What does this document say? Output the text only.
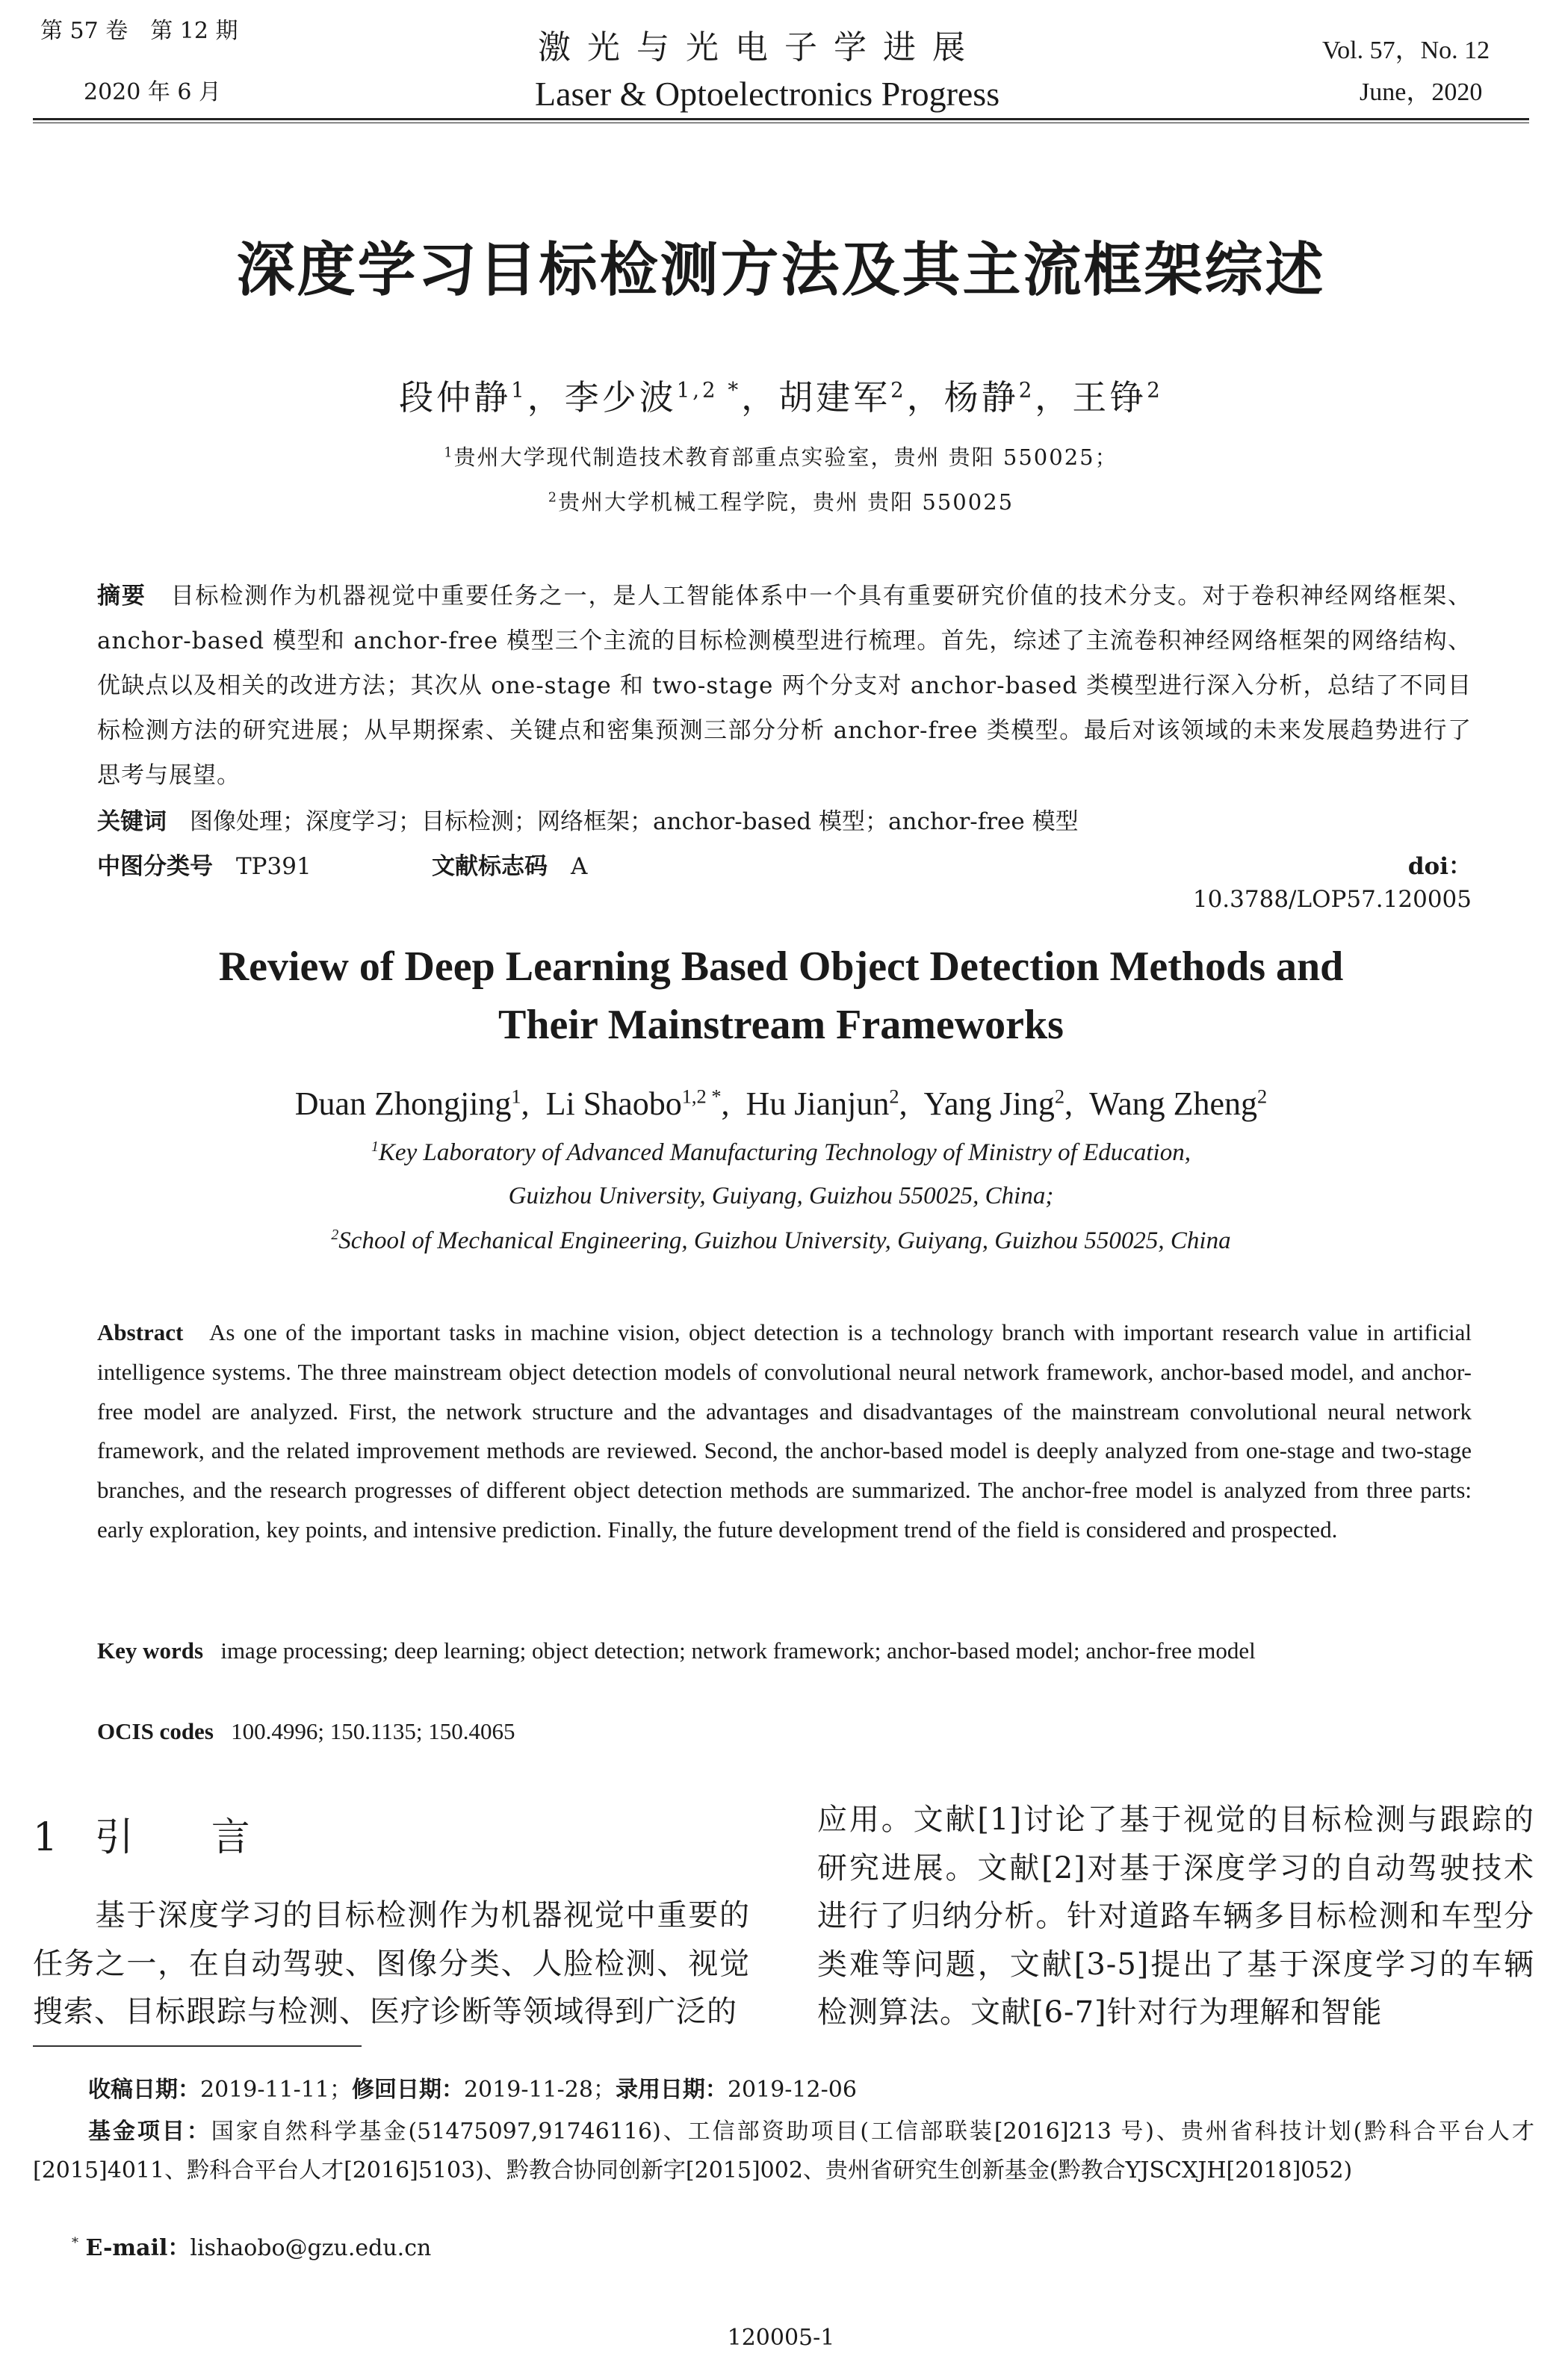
第 57 卷　第 12 期
2020 年 6 月
激光与光电子学进展
Laser & Optoelectronics Progress
Vol. 57，No. 12
June，2020
深度学习目标检测方法及其主流框架综述
段仲静$^1$，李少波$^{1,2 *}$，胡建军$^2$，杨静$^2$，王铮$^2$
$^1$贵州大学现代制造技术教育部重点实验室，贵州 贵阳 550025；
$^2$贵州大学机械工程学院，贵州 贵阳 550025
摘要　 目标检测作为机器视觉中重要任务之一，是人工智能体系中一个具有重要研究价值的技术分支。对于卷积神经网络框架、anchor-based 模型和 anchor-free 模型三个主流的目标检测模型进行梳理。首先，综述了主流卷积神经网络框架的网络结构、优缺点以及相关的改进方法；其次从 one-stage 和 two-stage 两个分支对 anchor-based 类模型进行深入分析，总结了不同目标检测方法的研究进展；从早期探索、关键点和密集预测三部分分析 anchor-free 类模型。最后对该领域的未来发展趋势进行了思考与展望。
关键词　 图像处理；深度学习；目标检测；网络框架；anchor-based 模型；anchor-free 模型
中图分类号　 TP391	文献标志码　 A	doi：10.3788/LOP57.120005
Review of Deep Learning Based Object Detection Methods and
Their Mainstream Frameworks
Duan Zhongjing$^1$,  Li Shaobo$^{1,2 *}$,  Hu Jianjun$^2$,  Yang Jing$^2$,  Wang Zheng$^2$
$^1$Key Laboratory of Advanced Manufacturing Technology of Ministry of Education,
Guizhou University, Guiyang, Guizhou 550025, China;
$^2$School of Mechanical Engineering, Guizhou University, Guiyang, Guizhou 550025, China
Abstract As one of the important tasks in machine vision, object detection is a technology branch with important research value in artificial intelligence systems. The three mainstream object detection models of convolutional neural network framework, anchor-based model, and anchor-free model are analyzed. First, the network structure and the advantages and disadvantages of the mainstream convolutional neural network framework, and the related improvement methods are reviewed. Second, the anchor-based model is deeply analyzed from one-stage and two-stage branches, and the research progresses of different object detection methods are summarized. The anchor-free model is analyzed from three parts: early exploration, key points, and intensive prediction. Finally, the future development trend of the field is considered and prospected.
Key words image processing; deep learning; object detection; network framework; anchor-based model; anchor-free model
OCIS codes 100.4996; 150.1135; 150.4065
1 引　　言
　　基于深度学习的目标检测作为机器视觉中重要的任务之一，在自动驾驶、图像分类、人脸检测、视觉搜索、目标跟踪与检测、医疗诊断等领域得到广泛的
应用。文献[1]讨论了基于视觉的目标检测与跟踪的研究进展。文献[2]对基于深度学习的自动驾驶技术进行了归纳分析。针对道路车辆多目标检测和车型分类难等问题，文献[3-5]提出了基于深度学习的车辆检测算法。文献[6-7]针对行为理解和智能
收稿日期：2019-11-11；修回日期：2019-11-28；录用日期：2019-12-06
基金项目：国家自然科学基金(51475097,91746116)、工信部资助项目(工信部联装[2016]213 号)、贵州省科技计划(黔科合平台人才[2015]4011、黔科合平台人才[2016]5103)、黔教合协同创新字[2015]002、贵州省研究生创新基金(黔教合YJSCXJH[2018]052)
* E-mail：lishaobo@gzu.edu.cn
120005-1
